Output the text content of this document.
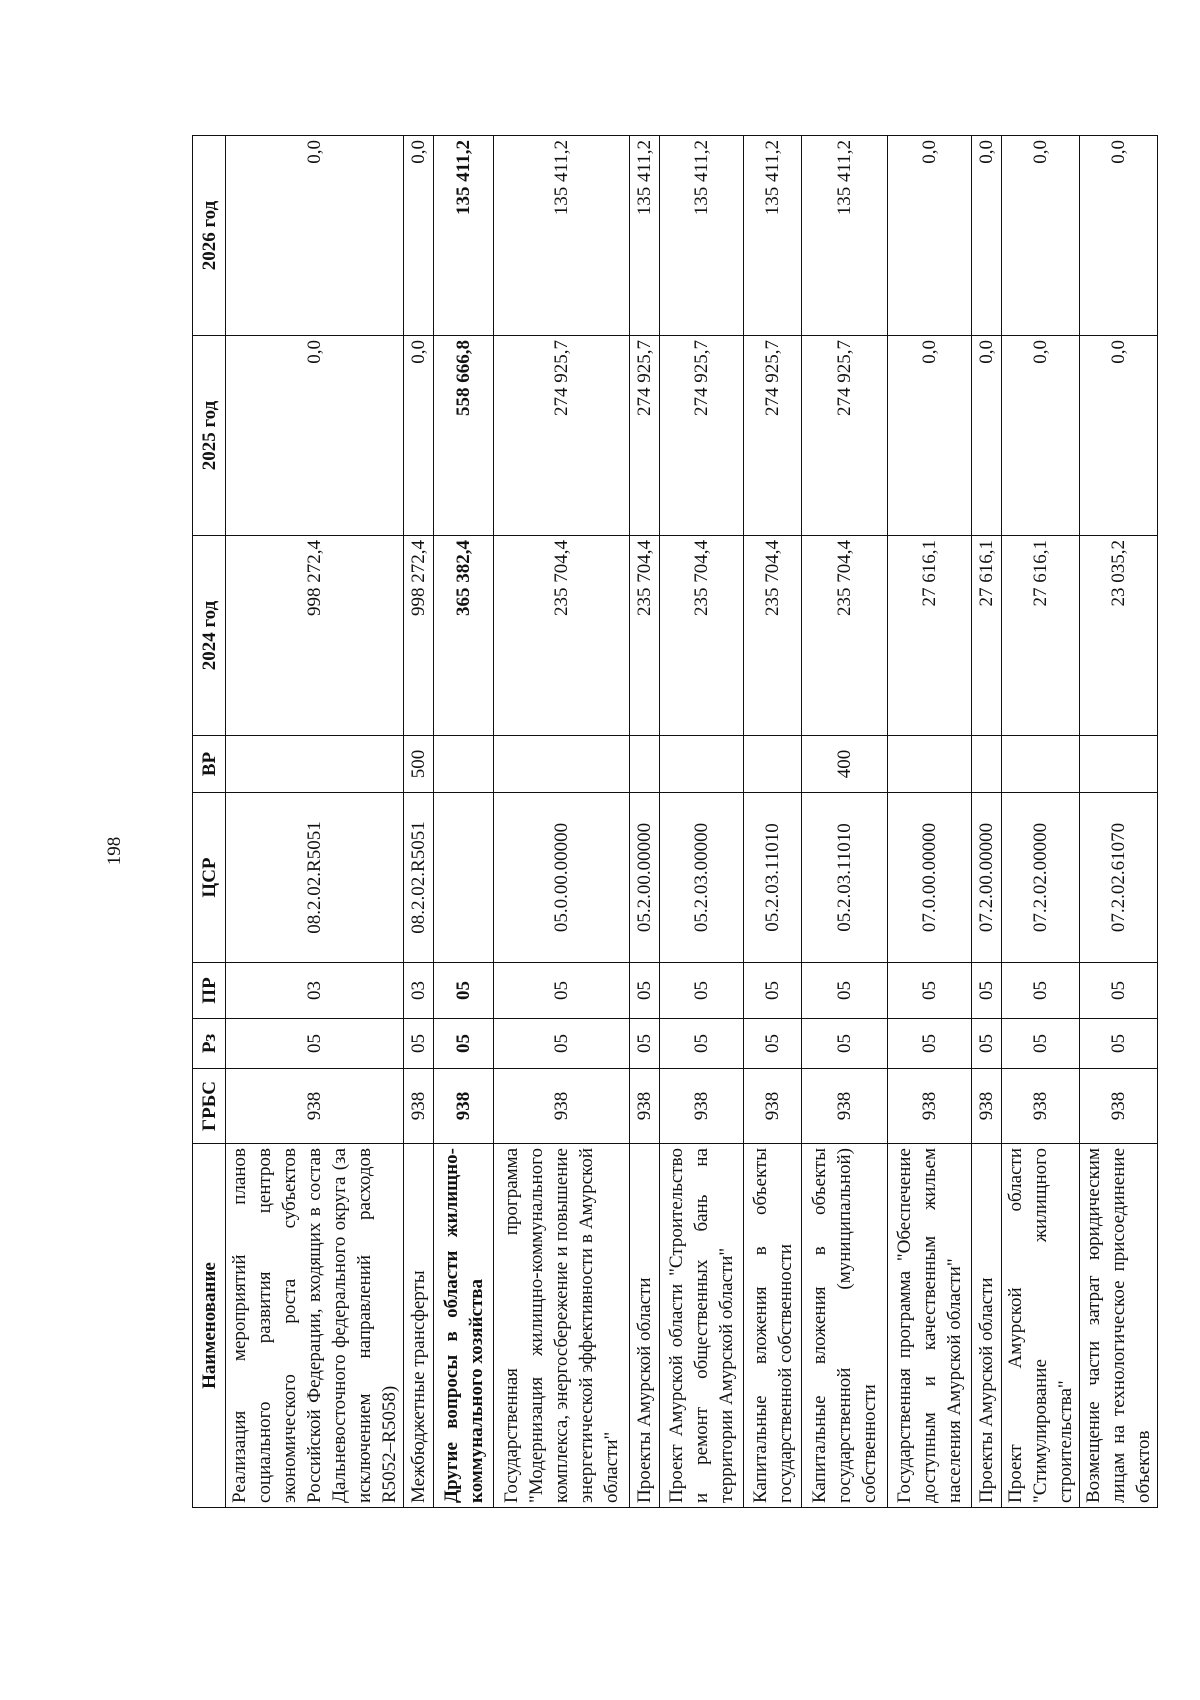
198
Наименование	ГРБС	Рз	ПР	ЦСР	ВР	2024 год	2025 год	2026 год
Реализация мероприятий планов социального развития центров экономического роста субъектов Российской Федерации, входящих в состав Дальневосточного федерального округа (за исключением направлений расходов R5052–R5058)	938	05	03	08.2.02.R5051		998 272,4	0,0	0,0
Межбюджетные трансферты	938	05	03	08.2.02.R5051	500	998 272,4	0,0	0,0
Другие вопросы в области жилищно-коммунального хозяйства	938	05	05			365 382,4	558 666,8	135 411,2
Государственная программа "Модернизация жилищно-коммунального комплекса, энергосбережение и повышение энергетической эффективности в Амурской области"	938	05	05	05.0.00.00000		235 704,4	274 925,7	135 411,2
Проекты Амурской области	938	05	05	05.2.00.00000		235 704,4	274 925,7	135 411,2
Проект Амурской области "Строительство и ремонт общественных бань на территории Амурской области"	938	05	05	05.2.03.00000		235 704,4	274 925,7	135 411,2
Капитальные вложения в объекты государственной собственности	938	05	05	05.2.03.11010		235 704,4	274 925,7	135 411,2
Капитальные вложения в объекты государственной (муниципальной) собственности	938	05	05	05.2.03.11010	400	235 704,4	274 925,7	135 411,2
Государственная программа "Обеспечение доступным и качественным жильем населения Амурской области"	938	05	05	07.0.00.00000		27 616,1	0,0	0,0
Проекты Амурской области	938	05	05	07.2.00.00000		27 616,1	0,0	0,0
Проект Амурской области "Стимулирование жилищного строительства"	938	05	05	07.2.02.00000		27 616,1	0,0	0,0
Возмещение части затрат юридическим лицам на технологическое присоединение объектов	938	05	05	07.2.02.61070		23 035,2	0,0	0,0
